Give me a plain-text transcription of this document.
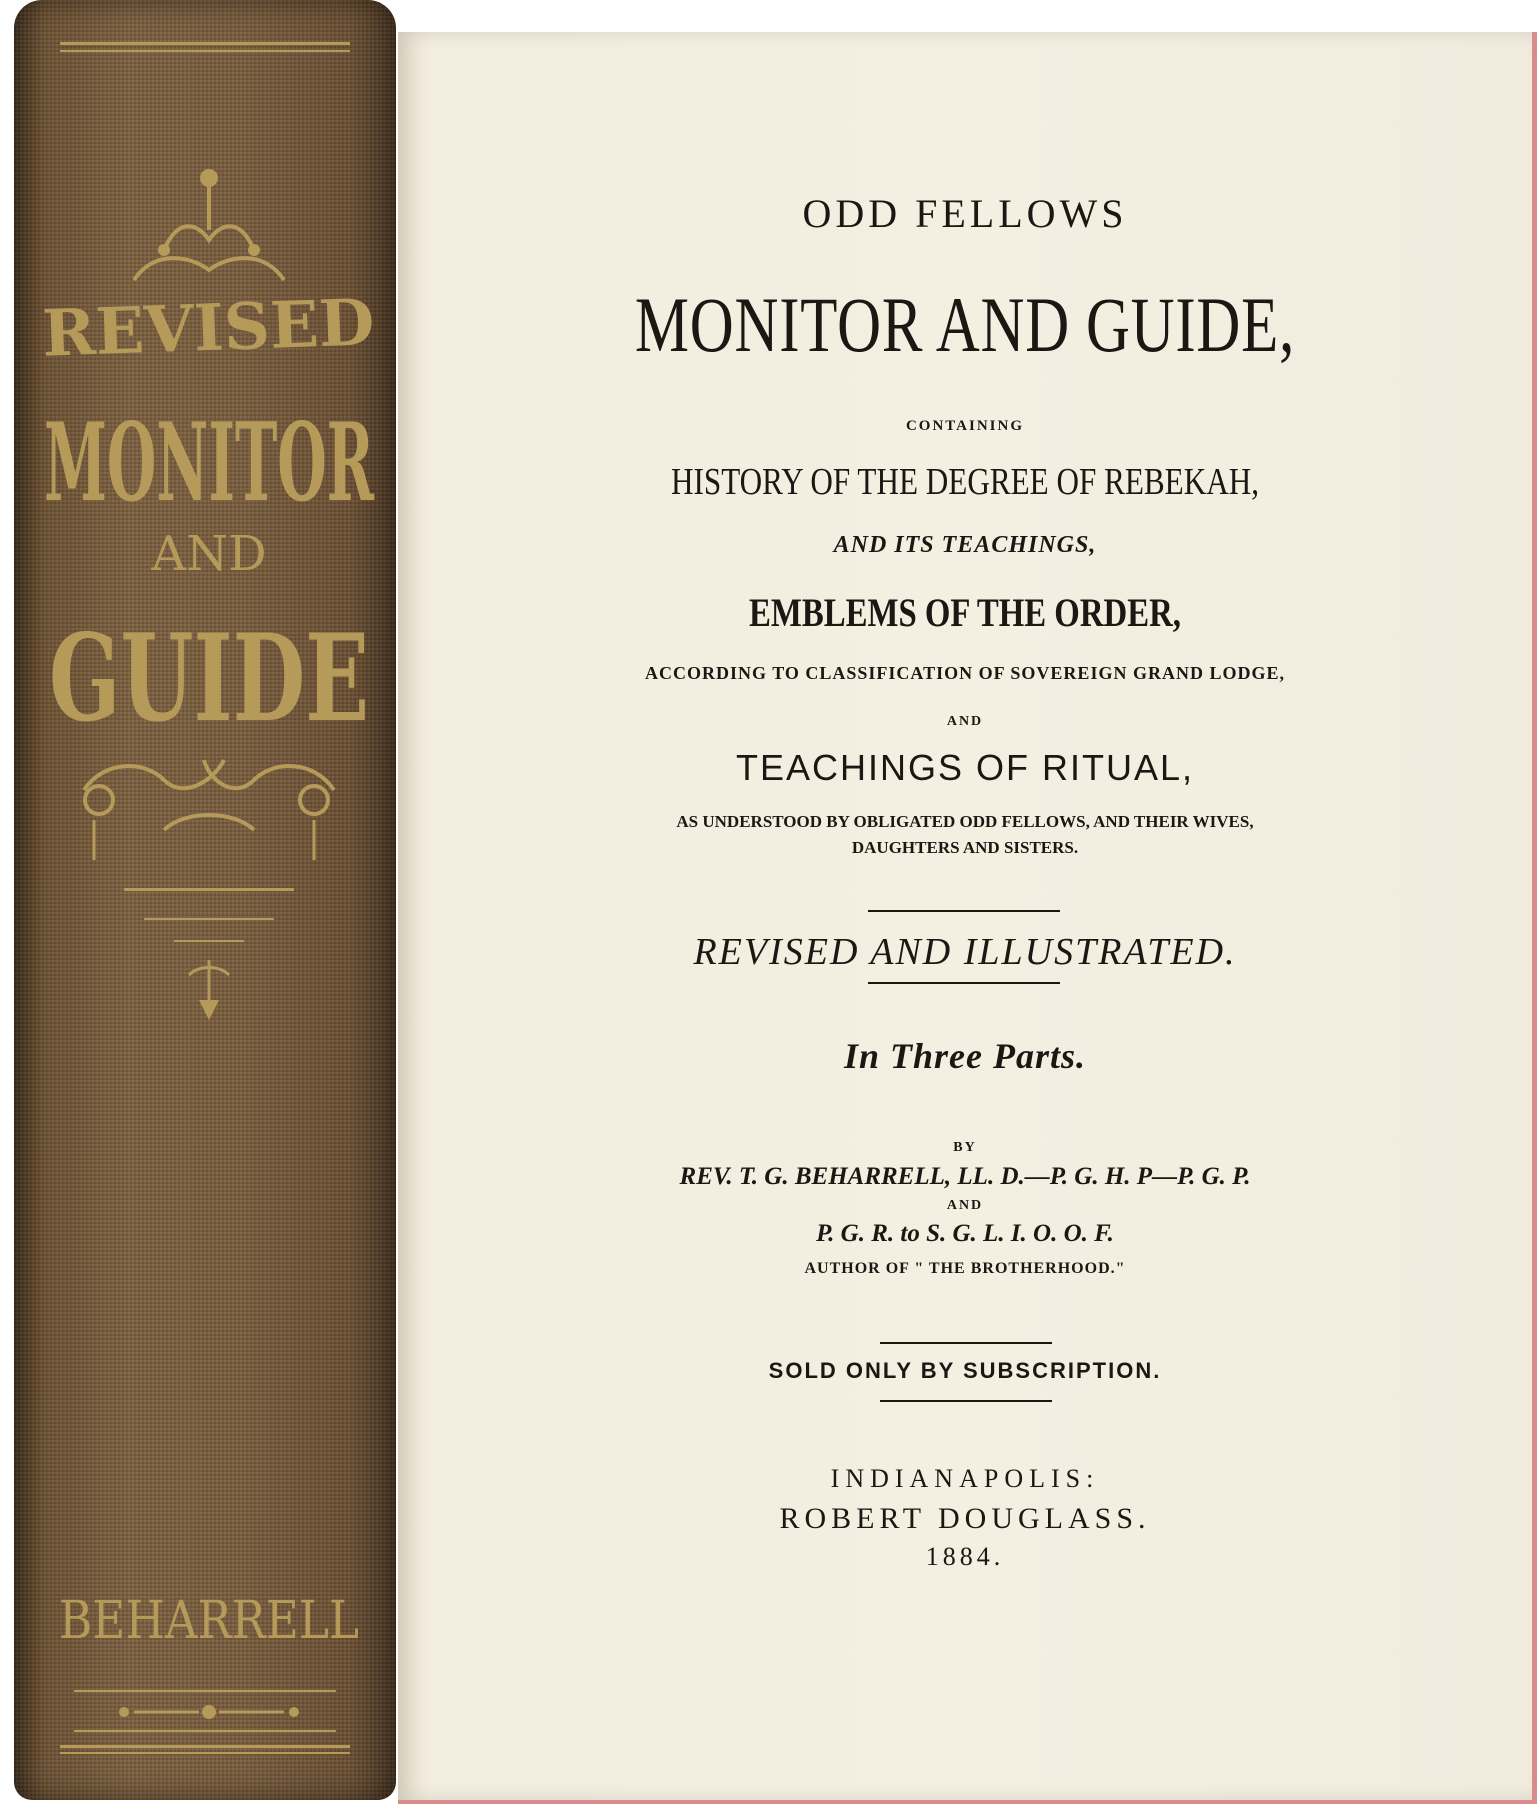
REVISED
MONITOR
AND
GUIDE
BEHARRELL
ODD FELLOWS
MONITOR AND GUIDE,
CONTAINING
HISTORY OF THE DEGREE OF REBEKAH,
AND ITS TEACHINGS,
EMBLEMS OF THE ORDER,
ACCORDING TO CLASSIFICATION OF SOVEREIGN GRAND LODGE,
AND
TEACHINGS OF RITUAL,
AS UNDERSTOOD BY OBLIGATED ODD FELLOWS, AND THEIR WIVES,
DAUGHTERS AND SISTERS.
REVISED AND ILLUSTRATED.
In Three Parts.
BY
REV. T. G. BEHARRELL, LL. D.—P. G. H. P—P. G. P.
AND
P. G. R. to S. G. L. I. O. O. F.
AUTHOR OF " THE BROTHERHOOD."
SOLD ONLY BY SUBSCRIPTION.
INDIANAPOLIS:
ROBERT DOUGLASS.
1884.
